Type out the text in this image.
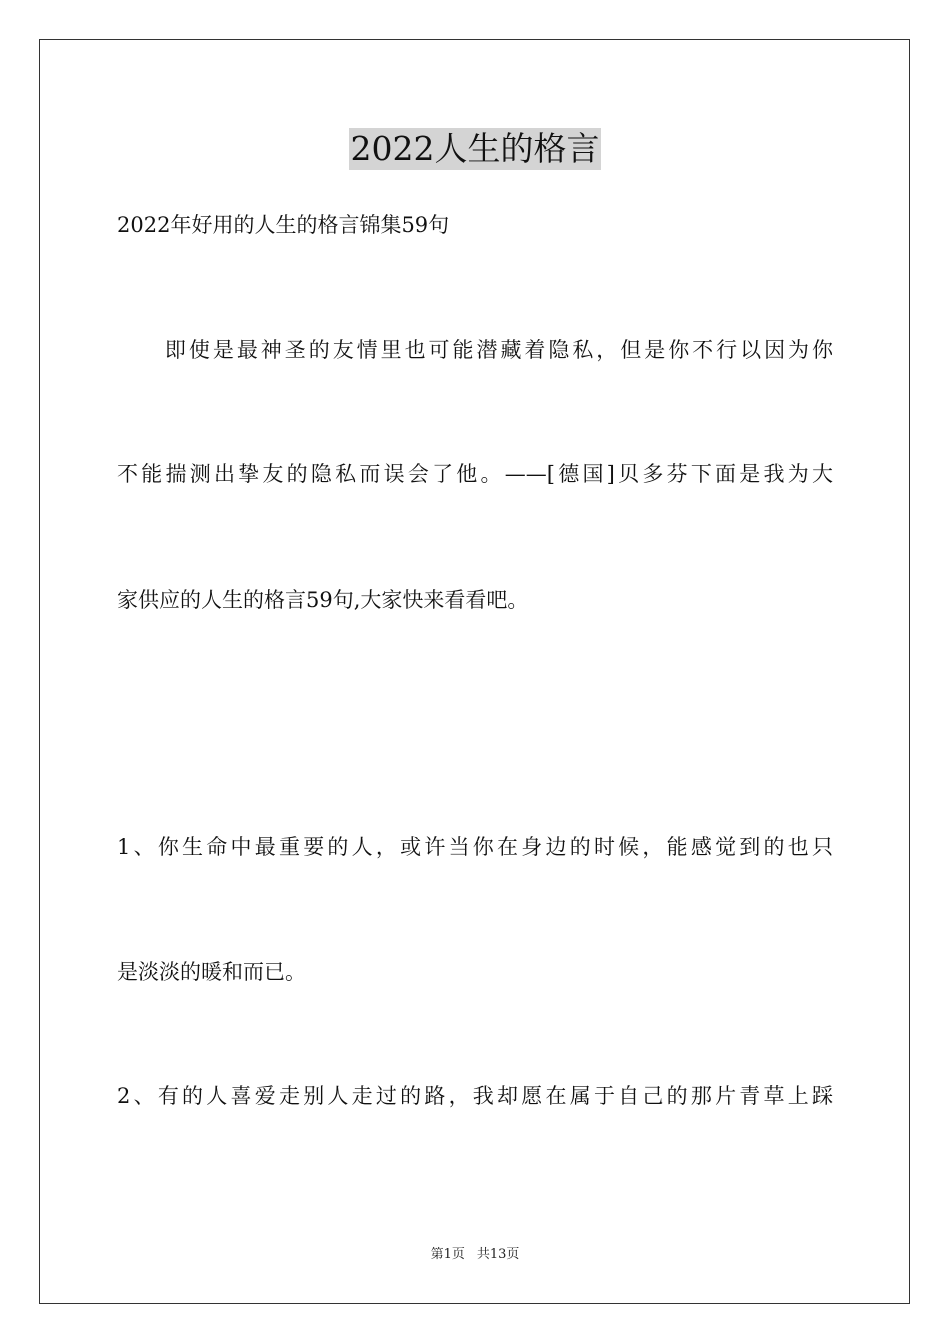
2022人生的格言
2022年好用的人生的格言锦集59句
　　即使是最神圣的友情里也可能潜藏着隐私，但是你不行以因为你
不能揣测出挚友的隐私而误会了他。——[德国]贝多芬下面是我为大
家供应的人生的格言59句,大家快来看看吧。
1、你生命中最重要的人，或许当你在身边的时候，能感觉到的也只
是淡淡的暖和而已。
2、有的人喜爱走别人走过的路，我却愿在属于自己的那片青草上踩
第1页 共13页
